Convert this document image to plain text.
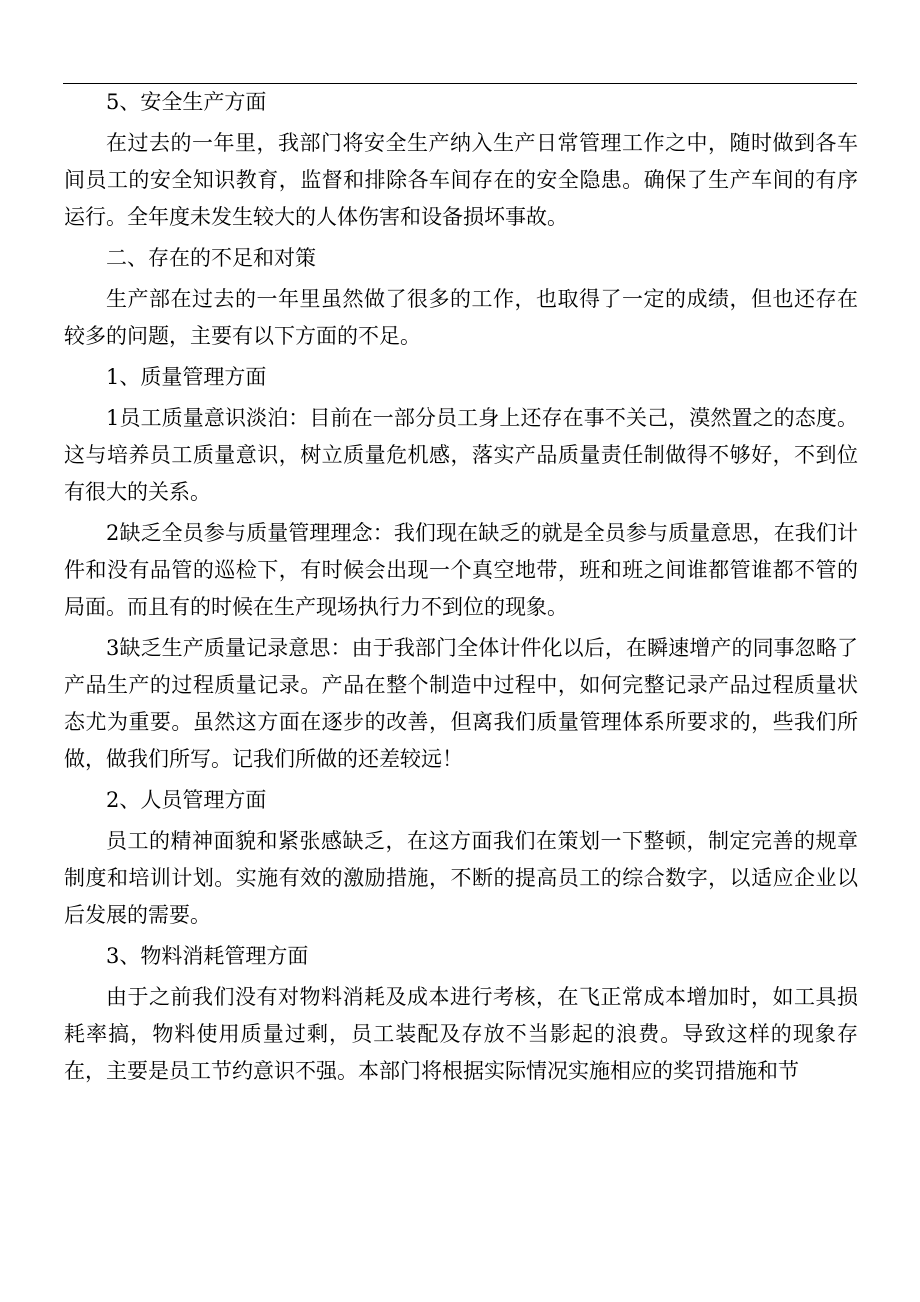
5、安全生产方面

在过去的一年里，我部门将安全生产纳入生产日常管理工作之中，随时做到各车间员工的安全知识教育，监督和排除各车间存在的安全隐患。确保了生产车间的有序运行。全年度未发生较大的人体伤害和设备损坏事故。

二、存在的不足和对策

生产部在过去的一年里虽然做了很多的工作，也取得了一定的成绩，但也还存在较多的问题，主要有以下方面的不足。

1、质量管理方面

1员工质量意识淡泊：目前在一部分员工身上还存在事不关己，漠然置之的态度。这与培养员工质量意识，树立质量危机感，落实产品质量责任制做得不够好，不到位有很大的关系。

2缺乏全员参与质量管理理念：我们现在缺乏的就是全员参与质量意思，在我们计件和没有品管的巡检下，有时候会出现一个真空地带，班和班之间谁都管谁都不管的局面。而且有的时候在生产现场执行力不到位的现象。

3缺乏生产质量记录意思：由于我部门全体计件化以后，在瞬速增产的同事忽略了产品生产的过程质量记录。产品在整个制造中过程中，如何完整记录产品过程质量状态尤为重要。虽然这方面在逐步的改善，但离我们质量管理体系所要求的，些我们所做，做我们所写。记我们所做的还差较远！

2、人员管理方面

员工的精神面貌和紧张感缺乏，在这方面我们在策划一下整顿，制定完善的规章制度和培训计划。实施有效的激励措施，不断的提高员工的综合数字，以适应企业以后发展的需要。

3、物料消耗管理方面

由于之前我们没有对物料消耗及成本进行考核，在飞正常成本增加时，如工具损耗率搞，物料使用质量过剩，员工装配及存放不当影起的浪费。导致这样的现象存在，主要是员工节约意识不强。本部门将根据实际情况实施相应的奖罚措施和节
